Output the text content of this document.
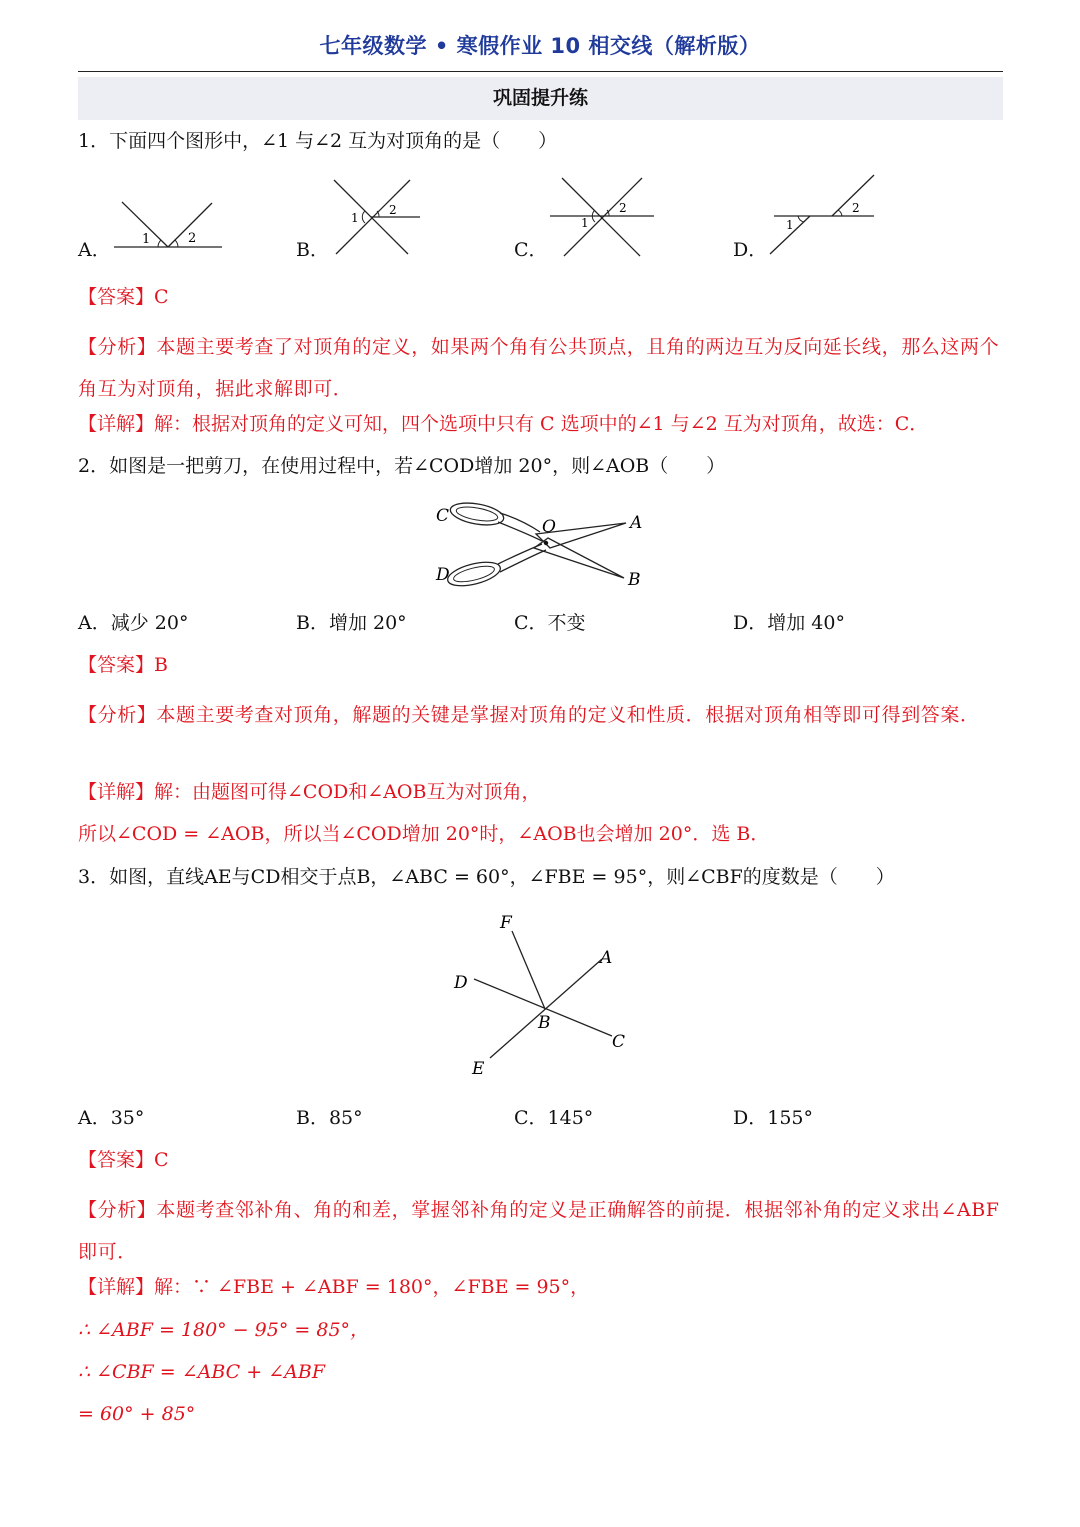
七年级数学 • 寒假作业 10 相交线（解析版）
巩固提升练
1．下面四个图形中，∠1 与∠2 互为对顶角的是（　　）
A．	B．	C．	D．
1	2
1
2
1
2
1
2
【答案】C
【分析】本题主要考查了对顶角的定义，如果两个角有公共顶点，且角的两边互为反向延长线，那么这两个角互为对顶角，据此求解即可．
【详解】解：根据对顶角的定义可知，四个选项中只有 C 选项中的∠1 与∠2 互为对顶角，故选：C．
2．如图是一把剪刀，在使用过程中，若∠COD增加 20°，则∠AOB（　　）
C
O	A
D	B
A．减少 20°	B．增加 20°	C．不变	D．增加 40°
【答案】B
【分析】本题主要考查对顶角，解题的关键是掌握对顶角的定义和性质．根据对顶角相等即可得到答案．
【详解】解：由题图可得∠COD和∠AOB互为对顶角，
所以∠COD = ∠AOB，所以当∠COD增加 20°时，∠AOB也会增加 20°．选 B．
3．如图，直线AE与CD相交于点B，∠ABC = 60°，∠FBE = 95°，则∠CBF的度数是（　　）
F
A
D
B
C
E
A．35°	B．85°	C．145°	D．155°
【答案】C
【分析】本题考查邻补角、角的和差，掌握邻补角的定义是正确解答的前提．根据邻补角的定义求出∠ABF即可．
【详解】解：∵ ∠FBE + ∠ABF = 180°，∠FBE = 95°，
∴ ∠ABF = 180° − 95° = 85°，
∴ ∠CBF = ∠ABC + ∠ABF
= 60° + 85°
